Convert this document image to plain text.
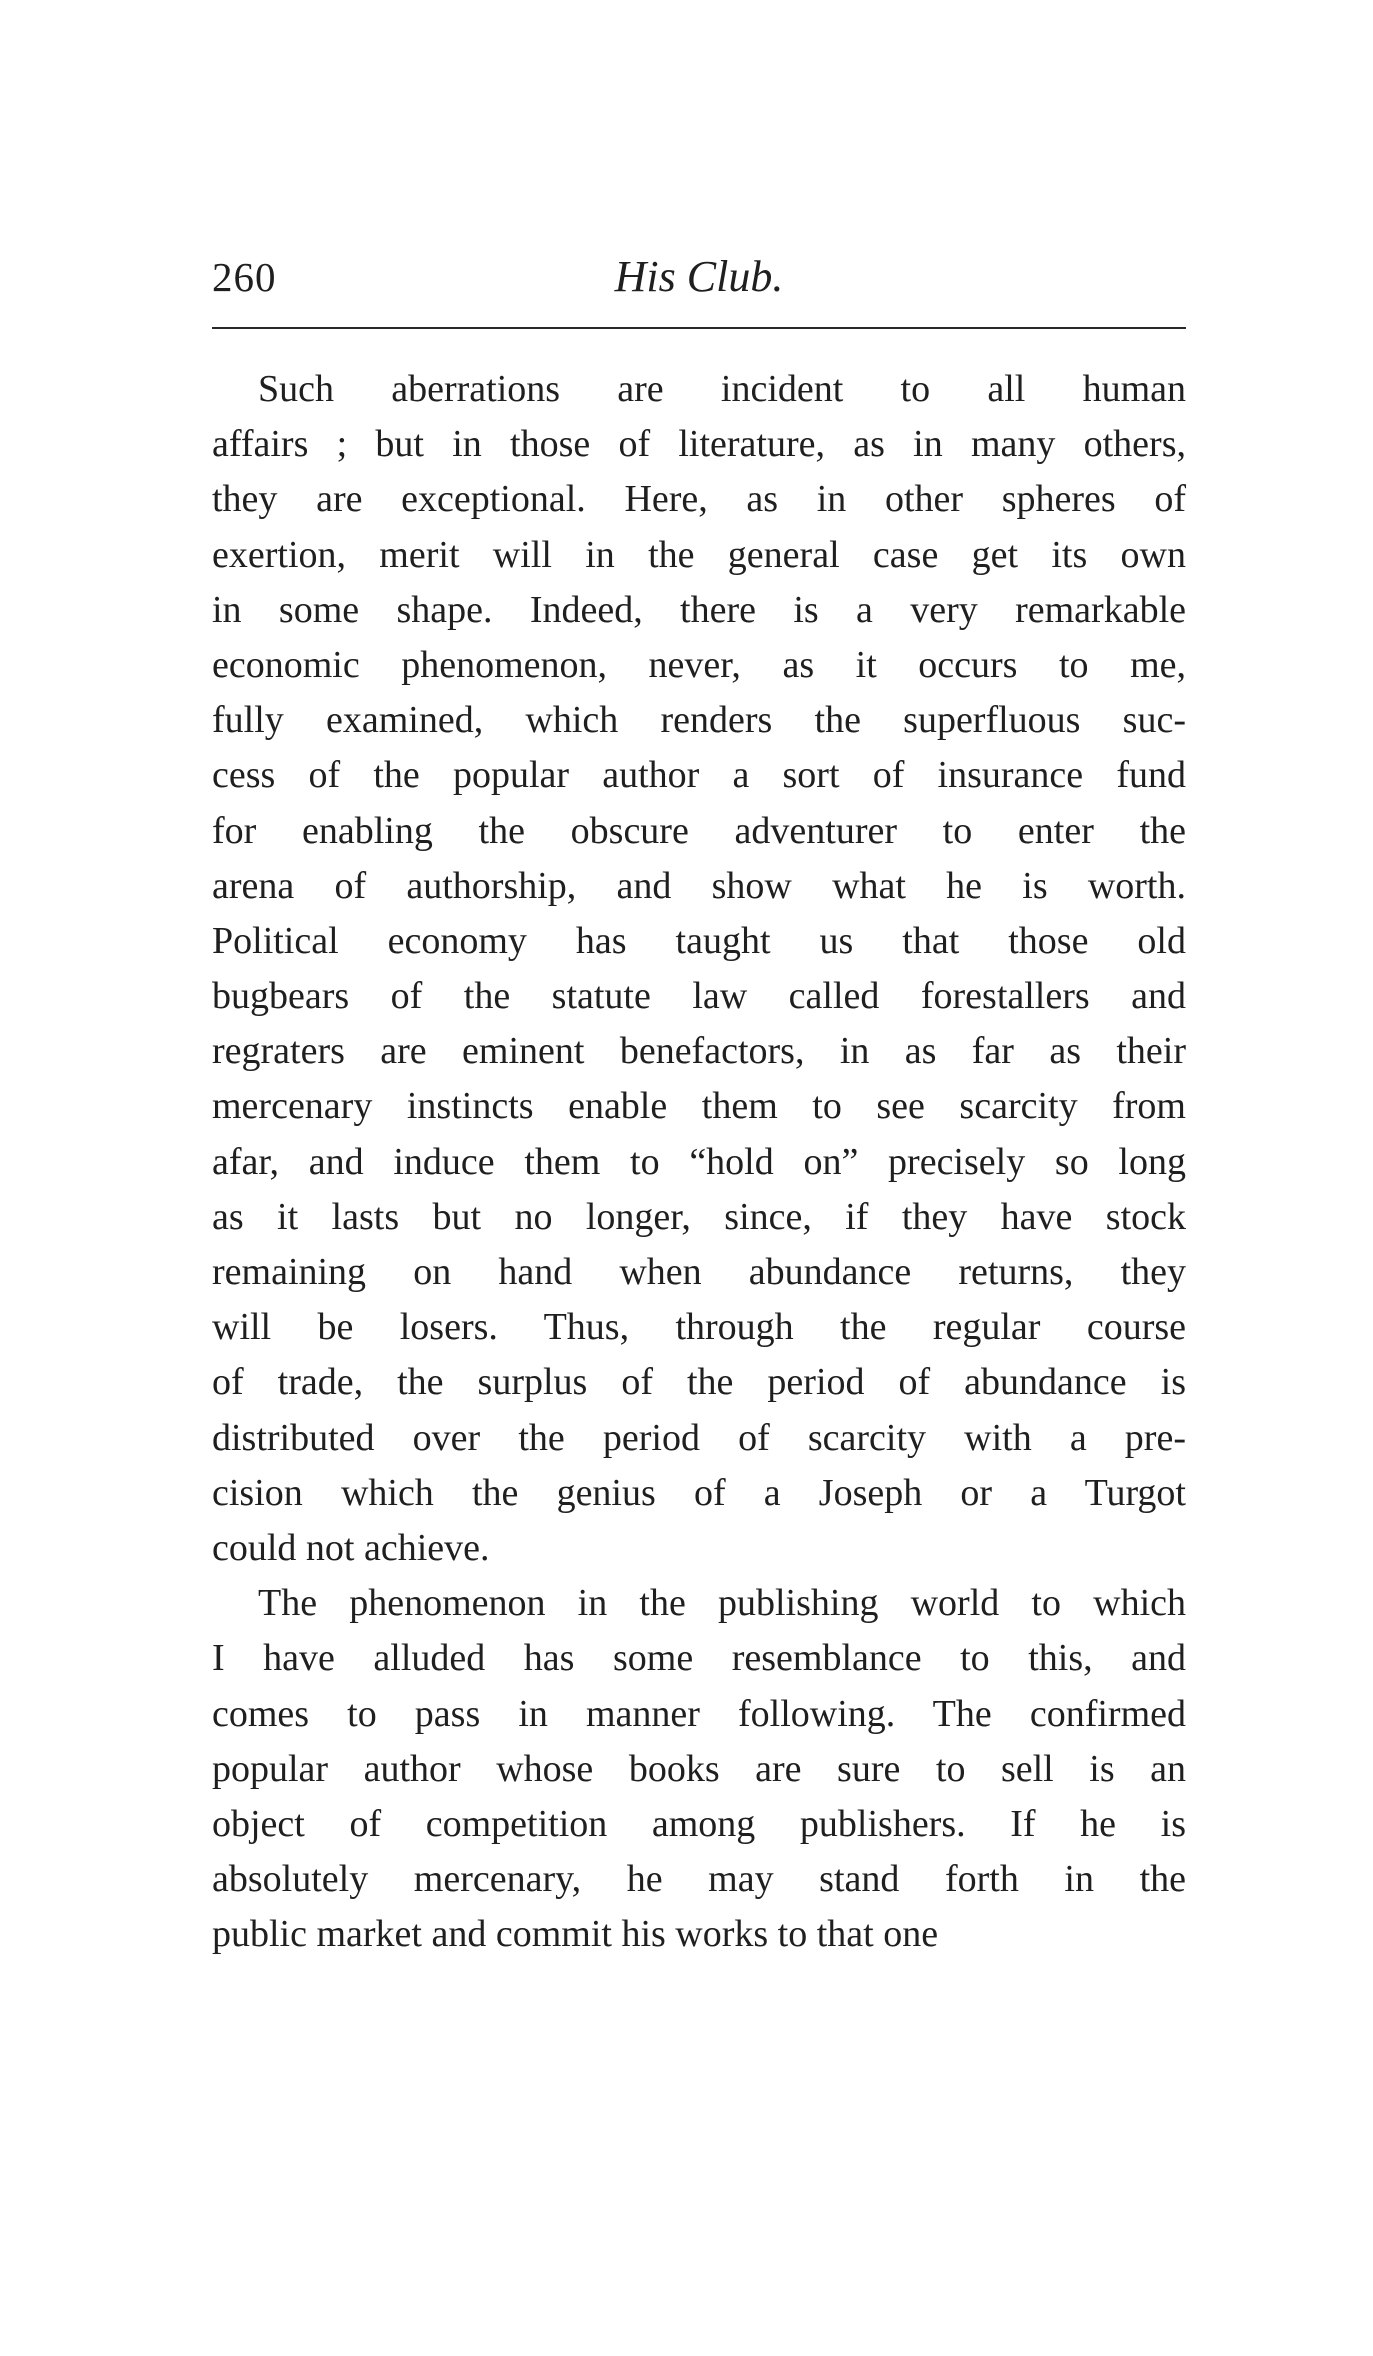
260	His Club.
Such aberrations are incident to all human
affairs ; but in those of literature, as in many others,
they are exceptional. Here, as in other spheres of
exertion, merit will in the general case get its own
in some shape. Indeed, there is a very remarkable
economic phenomenon, never, as it occurs to me,
fully examined, which renders the superfluous suc-
cess of the popular author a sort of insurance fund
for enabling the obscure adventurer to enter the
arena of authorship, and show what he is worth.
Political economy has taught us that those old
bugbears of the statute law called forestallers and
regraters are eminent benefactors, in as far as their
mercenary instincts enable them to see scarcity from
afar, and induce them to “hold on” precisely so long
as it lasts but no longer, since, if they have stock
remaining on hand when abundance returns, they
will be losers. Thus, through the regular course
of trade, the surplus of the period of abundance is
distributed over the period of scarcity with a pre-
cision which the genius of a Joseph or a Turgot
could not achieve.
The phenomenon in the publishing world to which
I have alluded has some resemblance to this, and
comes to pass in manner following. The confirmed
popular author whose books are sure to sell is an
object of competition among publishers. If he is
absolutely mercenary, he may stand forth in the
public market and commit his works to that one
